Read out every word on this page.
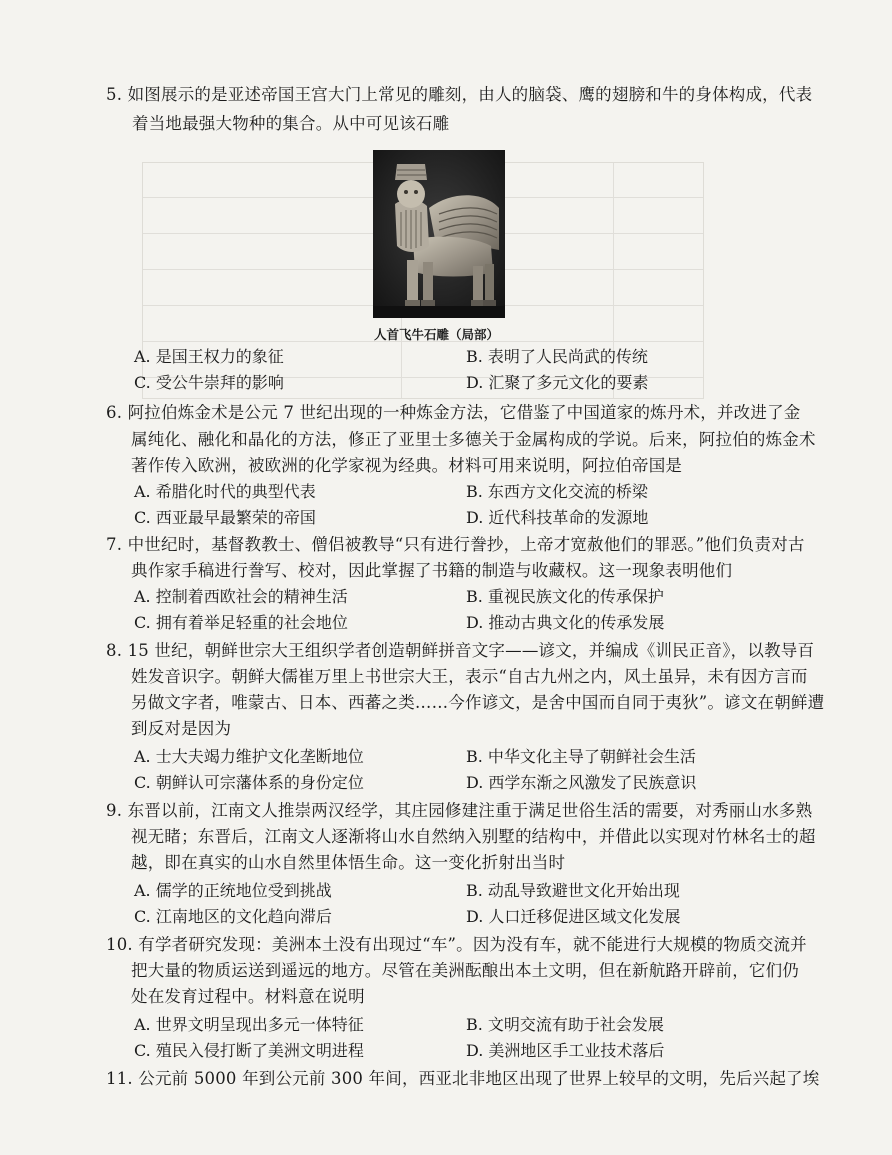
5. 如图展示的是亚述帝国王宫大门上常见的雕刻，由人的脑袋、鹰的翅膀和牛的身体构成，代表
着当地最强大物种的集合。从中可见该石雕
人首飞牛石雕（局部）
A. 是国王权力的象征	B. 表明了人民尚武的传统
C. 受公牛崇拜的影响	D. 汇聚了多元文化的要素
6. 阿拉伯炼金术是公元 7 世纪出现的一种炼金方法，它借鉴了中国道家的炼丹术，并改进了金
属纯化、融化和晶化的方法，修正了亚里士多德关于金属构成的学说。后来，阿拉伯的炼金术
著作传入欧洲，被欧洲的化学家视为经典。材料可用来说明，阿拉伯帝国是
A. 希腊化时代的典型代表	B. 东西方文化交流的桥梁
C. 西亚最早最繁荣的帝国	D. 近代科技革命的发源地
7. 中世纪时，基督教教士、僧侣被教导“只有进行誊抄，上帝才宽赦他们的罪恶。”他们负责对古
典作家手稿进行誊写、校对，因此掌握了书籍的制造与收藏权。这一现象表明他们
A. 控制着西欧社会的精神生活	B. 重视民族文化的传承保护
C. 拥有着举足轻重的社会地位	D. 推动古典文化的传承发展
8. 15 世纪，朝鲜世宗大王组织学者创造朝鲜拼音文字——谚文，并编成《训民正音》，以教导百
姓发音识字。朝鲜大儒崔万里上书世宗大王，表示“自古九州之内，风土虽异，未有因方言而
另做文字者，唯蒙古、日本、西蕃之类……今作谚文，是舍中国而自同于夷狄”。谚文在朝鲜遭
到反对是因为
A. 士大夫竭力维护文化垄断地位	B. 中华文化主导了朝鲜社会生活
C. 朝鲜认可宗藩体系的身份定位	D. 西学东渐之风激发了民族意识
9. 东晋以前，江南文人推崇两汉经学，其庄园修建注重于满足世俗生活的需要，对秀丽山水多熟
视无睹；东晋后，江南文人逐渐将山水自然纳入别墅的结构中，并借此以实现对竹林名士的超
越，即在真实的山水自然里体悟生命。这一变化折射出当时
A. 儒学的正统地位受到挑战	B. 动乱导致避世文化开始出现
C. 江南地区的文化趋向滞后	D. 人口迁移促进区域文化发展
10. 有学者研究发现：美洲本土没有出现过“车”。因为没有车，就不能进行大规模的物质交流并
把大量的物质运送到遥远的地方。尽管在美洲酝酿出本土文明，但在新航路开辟前，它们仍
处在发育过程中。材料意在说明
A. 世界文明呈现出多元一体特征	B. 文明交流有助于社会发展
C. 殖民入侵打断了美洲文明进程	D. 美洲地区手工业技术落后
11. 公元前 5000 年到公元前 300 年间，西亚北非地区出现了世界上较早的文明，先后兴起了埃
